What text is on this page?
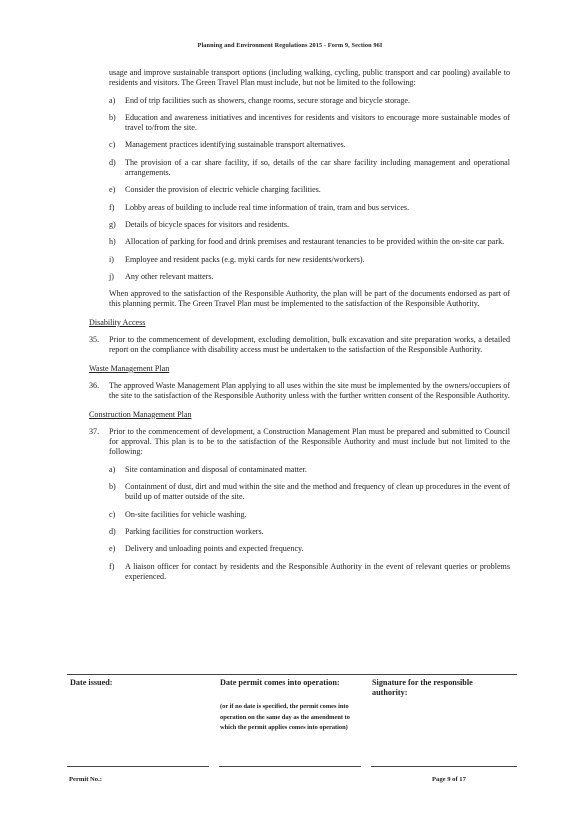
Planning and Environment Regulations 2015 - Form 9, Section 96I
usage and improve sustainable transport options (including walking, cycling, public transport and car pooling) available to residents and visitors. The Green Travel Plan must include, but not be limited to the following:
a) End of trip facilities such as showers, change rooms, secure storage and bicycle storage.
b) Education and awareness initiatives and incentives for residents and visitors to encourage more sustainable modes of travel to/from the site.
c) Management practices identifying sustainable transport alternatives.
d) The provision of a car share facility, if so, details of the car share facility including management and operational arrangements.
e) Consider the provision of electric vehicle charging facilities.
f) Lobby areas of building to include real time information of train, tram and bus services.
g) Details of bicycle spaces for visitors and residents.
h) Allocation of parking for food and drink premises and restaurant tenancies to be provided within the on-site car park.
i) Employee and resident packs (e.g. myki cards for new residents/workers).
j) Any other relevant matters.
When approved to the satisfaction of the Responsible Authority, the plan will be part of the documents endorsed as part of this planning permit. The Green Travel Plan must be implemented to the satisfaction of the Responsible Authority.
Disability Access
35. Prior to the commencement of development, excluding demolition, bulk excavation and site preparation works, a detailed report on the compliance with disability access must be undertaken to the satisfaction of the Responsible Authority.
Waste Management Plan
36. The approved Waste Management Plan applying to all uses within the site must be implemented by the owners/occupiers of the site to the satisfaction of the Responsible Authority unless with the further written consent of the Responsible Authority.
Construction Management Plan
37. Prior to the commencement of development, a Construction Management Plan must be prepared and submitted to Council for approval. This plan is to be to the satisfaction of the Responsible Authority and must include but not limited to the following:
a) Site contamination and disposal of contaminated matter.
b) Containment of dust, dirt and mud within the site and the method and frequency of clean up procedures in the event of build up of matter outside of the site.
c) On-site facilities for vehicle washing.
d) Parking facilities for construction workers.
e) Delivery and unloading points and expected frequency.
f) A liaison officer for contact by residents and the Responsible Authority in the event of relevant queries or problems experienced.
Date issued:	Date permit comes into operation:
(or if no date is specified, the permit comes into operation on the same day as the amendment to which the permit applies comes into operation)
Signature for the responsible authority:
Permit No.:	Page 9 of 17
